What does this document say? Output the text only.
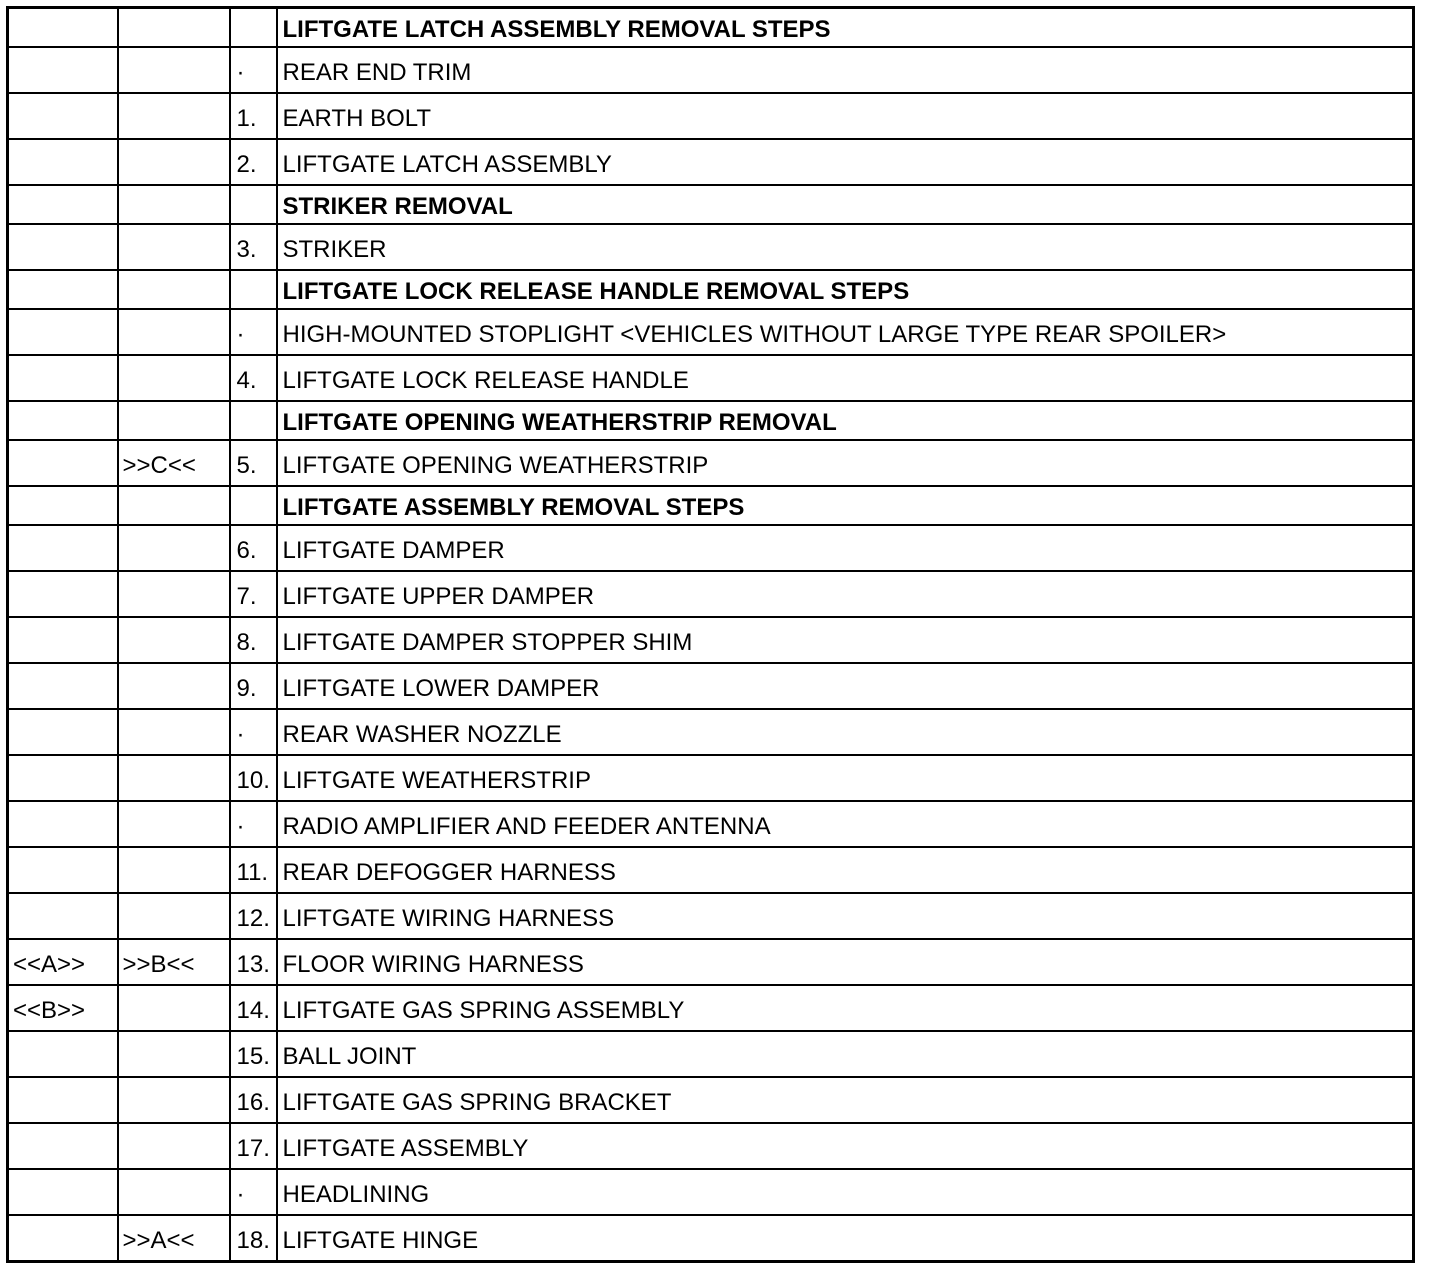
			LIFTGATE LATCH ASSEMBLY REMOVAL STEPS
		·	REAR END TRIM
		1.	EARTH BOLT
		2.	LIFTGATE LATCH ASSEMBLY
			STRIKER REMOVAL
		3.	STRIKER
			LIFTGATE LOCK RELEASE HANDLE REMOVAL STEPS
		·	HIGH-MOUNTED STOPLIGHT <VEHICLES WITHOUT LARGE TYPE REAR SPOILER>
		4.	LIFTGATE LOCK RELEASE HANDLE
			LIFTGATE OPENING WEATHERSTRIP REMOVAL
	>>C<<	5.	LIFTGATE OPENING WEATHERSTRIP
			LIFTGATE ASSEMBLY REMOVAL STEPS
		6.	LIFTGATE DAMPER
		7.	LIFTGATE UPPER DAMPER
		8.	LIFTGATE DAMPER STOPPER SHIM
		9.	LIFTGATE LOWER DAMPER
		·	REAR WASHER NOZZLE
		10.	LIFTGATE WEATHERSTRIP
		·	RADIO AMPLIFIER AND FEEDER ANTENNA
		11.	REAR DEFOGGER HARNESS
		12.	LIFTGATE WIRING HARNESS
<<A>>	>>B<<	13.	FLOOR WIRING HARNESS
<<B>>		14.	LIFTGATE GAS SPRING ASSEMBLY
		15.	BALL JOINT
		16.	LIFTGATE GAS SPRING BRACKET
		17.	LIFTGATE ASSEMBLY
		·	HEADLINING
	>>A<<	18.	LIFTGATE HINGE
